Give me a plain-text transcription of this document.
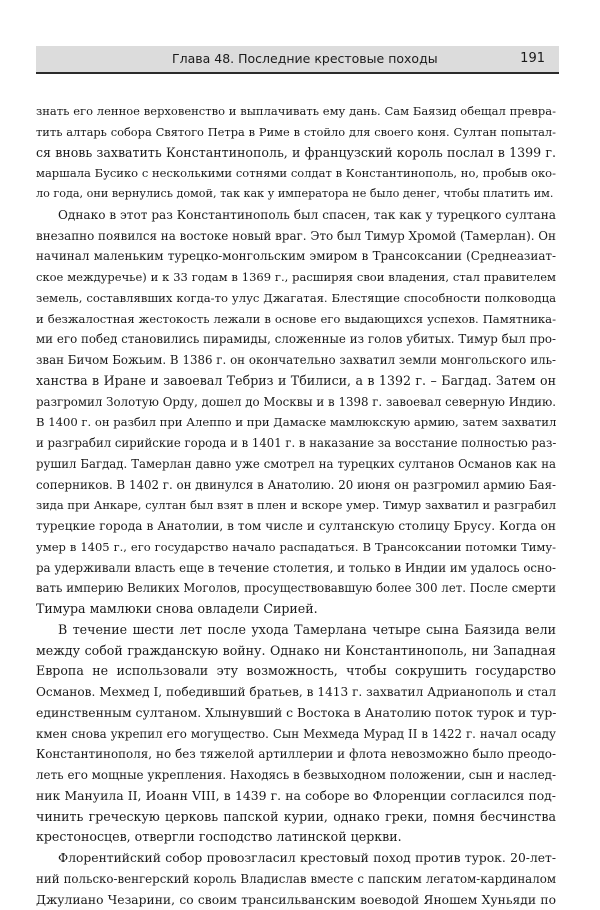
Глава 48. Последние крестовые походы	191
знать его ленное верховенство и выплачивать ему дань. Сам Баязид обещал превра-
тить алтарь собора Святого Петра в Риме в стойло для своего коня. Султан попытал-
ся вновь захватить Константинополь, и французский король послал в 1399 г.
маршала Бусико с несколькими сотнями солдат в Константинополь, но, пробыв око-
ло года, они вернулись домой, так как у императора не было денег, чтобы платить им.
Однако в этот раз Константинополь был спасен, так как у турецкого султана
внезапно появился на востоке новый враг. Это был Тимур Хромой (Тамерлан). Он
начинал маленьким турецко-монгольским эмиром в Трансоксании (Среднеазиат-
ское междуречье) и к 33 годам в 1369 г., расширяя свои владения, стал правителем
земель, составлявших когда-то улус Джагатая. Блестящие способности полководца
и безжалостная жестокость лежали в основе его выдающихся успехов. Памятника-
ми его побед становились пирамиды, сложенные из голов убитых. Тимур был про-
зван Бичом Божьим. В 1386 г. он окончательно захватил земли монгольского иль-
ханства в Иране и завоевал Тебриз и Тбилиси, а в 1392 г. – Багдад. Затем он
разгромил Золотую Орду, дошел до Москвы и в 1398 г. завоевал северную Индию.
В 1400 г. он разбил при Алеппо и при Дамаске мамлюкскую армию, затем захватил
и разграбил сирийские города и в 1401 г. в наказание за восстание полностью раз-
рушил Багдад. Тамерлан давно уже смотрел на турецких султанов Османов как на
соперников. В 1402 г. он двинулся в Анатолию. 20 июня он разгромил армию Бая-
зида при Анкаре, султан был взят в плен и вскоре умер. Тимур захватил и разграбил
турецкие города в Анатолии, в том числе и султанскую столицу Брусу. Когда он
умер в 1405 г., его государство начало распадаться. В Трансоксании потомки Тиму-
ра удерживали власть еще в течение столетия, и только в Индии им удалось осно-
вать империю Великих Моголов, просуществовавшую более 300 лет. После смерти
Тимура мамлюки снова овладели Сирией.
В течение шести лет после ухода Тамерлана четыре сына Баязида вели
между собой гражданскую войну. Однако ни Константинополь, ни Западная
Европа не использовали эту возможность, чтобы сокрушить государство
Османов. Мехмед I, победивший братьев, в 1413 г. захватил Адрианополь и стал
единственным султаном. Хлынувший с Востока в Анатолию поток турок и тур-
кмен снова укрепил его могущество. Сын Мехмеда Мурад II в 1422 г. начал осаду
Константинополя, но без тяжелой артиллерии и флота невозможно было преодо-
леть его мощные укрепления. Находясь в безвыходном положении, сын и наслед-
ник Мануила II, Иоанн VIII, в 1439 г. на соборе во Флоренции согласился под-
чинить греческую церковь папской курии, однако греки, помня бесчинства
крестоносцев, отвергли господство латинской церкви.
Флорентийский собор провозгласил крестовый поход против турок. 20-лет-
ний польско-венгерский король Владислав вместе с папским легатом-кардиналом
Джулиано Чезарини, со своим трансильванским воеводой Яношем Хуньяди по
